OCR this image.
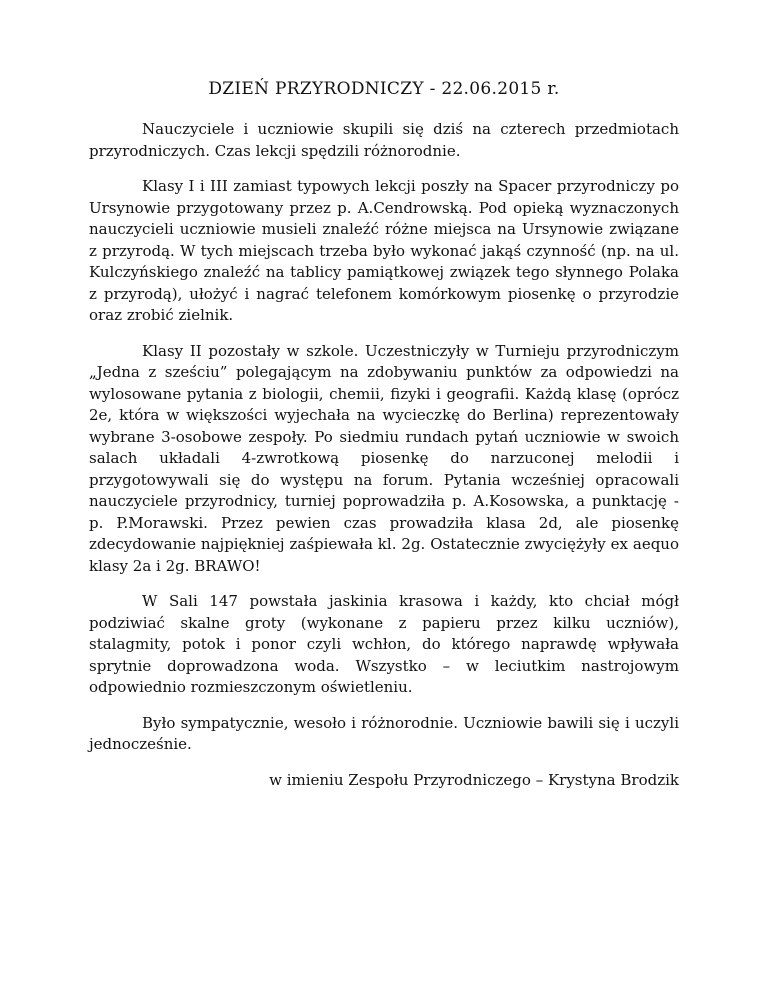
DZIEŃ PRZYRODNICZY - 22.06.2015 r.

Nauczyciele i uczniowie skupili się dziś na czterech przedmiotach przyrodniczych. Czas lekcji spędzili różnorodnie.

Klasy I i III zamiast typowych lekcji poszły na Spacer przyrodniczy po Ursynowie przygotowany przez p. A.Cendrowską. Pod opieką wyznaczonych nauczycieli uczniowie musieli znaleźć różne miejsca na Ursynowie związane z przyrodą. W tych miejscach trzeba było wykonać jakąś czynność (np. na ul. Kulczyńskiego znaleźć na tablicy pamiątkowej związek tego słynnego Polaka z przyrodą), ułożyć i nagrać telefonem komórkowym piosenkę o przyrodzie oraz zrobić zielnik.

Klasy II pozostały w szkole. Uczestniczyły w Turnieju przyrodniczym „Jedna z sześciu” polegającym na zdobywaniu punktów za odpowiedzi na wylosowane pytania z biologii, chemii, fizyki i geografii. Każdą klasę (oprócz 2e, która w większości wyjechała na wycieczkę do Berlina) reprezentowały wybrane 3-osobowe zespoły. Po siedmiu rundach pytań uczniowie w swoich salach układali 4-zwrotkową piosenkę do narzuconej melodii i przygotowywali się do występu na forum. Pytania wcześniej opracowali nauczyciele przyrodnicy, turniej poprowadziła p. A.Kosowska, a punktację - p. P.Morawski. Przez pewien czas prowadziła klasa 2d, ale piosenkę zdecydowanie najpiękniej zaśpiewała kl. 2g. Ostatecznie zwyciężyły ex aequo klasy 2a i 2g. BRAWO!

W Sali 147 powstała jaskinia krasowa i każdy, kto chciał mógł podziwiać skalne groty (wykonane z papieru przez kilku uczniów), stalagmity, potok i ponor czyli wchłon, do którego naprawdę wpływała sprytnie doprowadzona woda. Wszystko – w leciutkim nastrojowym odpowiednio rozmieszczonym oświetleniu.

Było sympatycznie, wesoło i różnorodnie. Uczniowie bawili się i uczyli jednocześnie.

w imieniu Zespołu Przyrodniczego – Krystyna Brodzik
